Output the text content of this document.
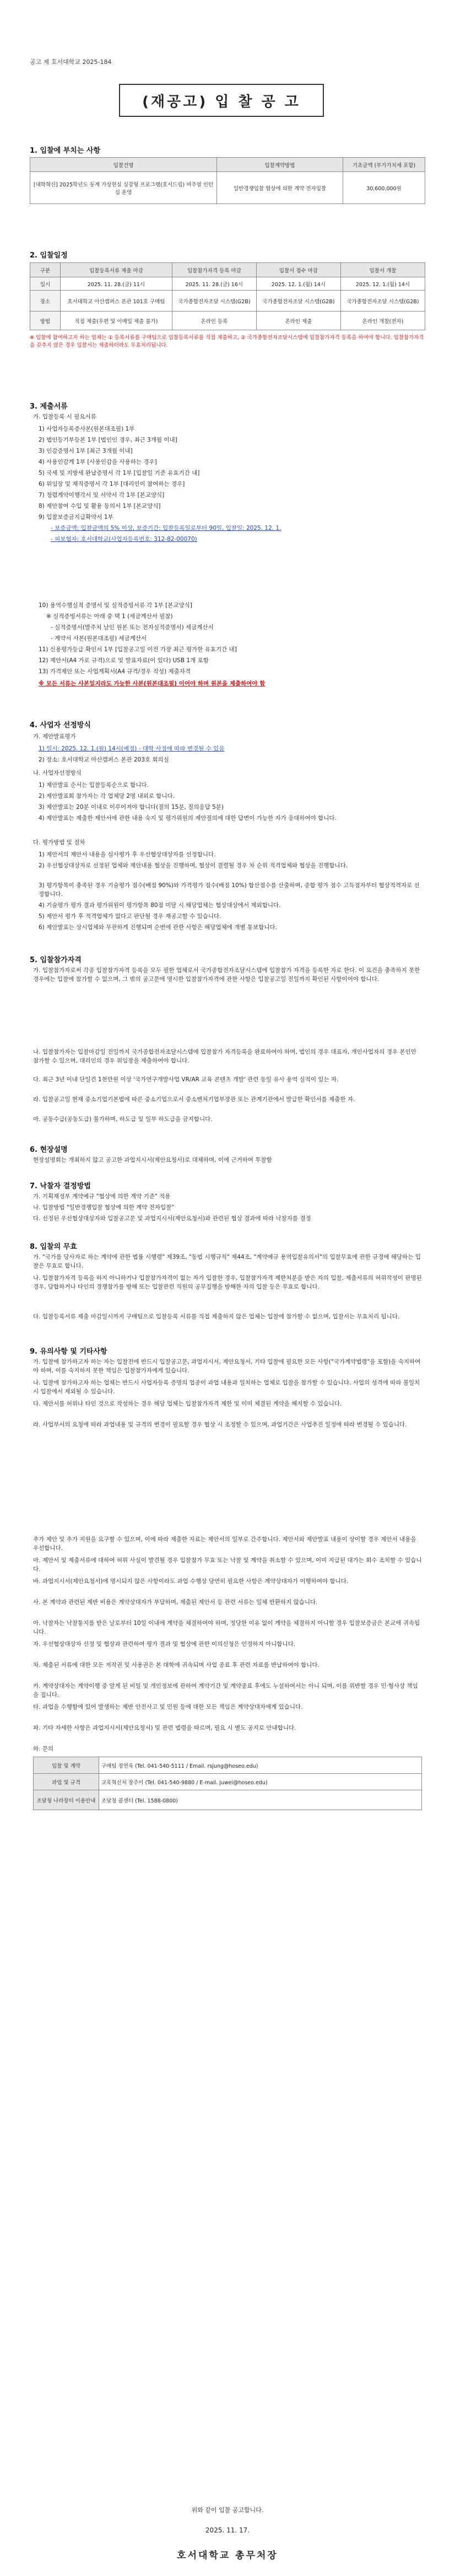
공고 제 호서대학교 2025-184
(재공고) 입 찰 공 고
1. 입찰에 부치는 사항
입찰건명	입찰계약방법	기초금액 (부가가치세 포함)
[대학혁신] 2025학년도 동계 가상현실 실감형 프로그램(호서드림) 비주얼 인턴십 운영	일반경쟁입찰 협상에 의한 계약 전자입찰	30,600,000원
2. 입찰일정
구분	입찰등록서류 제출 마감	입찰참가자격 등록 마감	입찰서 접수 마감	입찰서 개찰
일시	2025. 11. 28.(금) 11시	2025. 11. 28.(금) 16시	2025. 12. 1.(월) 14시	2025. 12. 1.(월) 14시
장소	호서대학교 아산캠퍼스 본관 101호 구매팀	국가종합전자조달 시스템(G2B)	국가종합전자조달 시스템(G2B)	국가종합전자조달 시스템(G2B)
방법	직접 제출(우편 및 이메일 제출 불가)	온라인 등록	온라인 제출	온라인 개찰(전자)
※ 입찰에 참여하고자 하는 업체는 ① 등록서류를 구매팀으로 입찰등록서류를 직접 제출하고, ② 국가종합전자조달시스템에 입찰참가자격 등록을 하여야 합니다. 입찰참가자격을 갖추지 않은 경우 입찰서는 제출하더라도 무효처리됩니다.
3. 제출서류
가. 입찰등록 시 필요서류
1) 사업자등록증사본(원본대조필) 1부
2) 법인등기부등본 1부 [법인인 경우, 최근 3개월 이내]
3) 인감증명서 1부 [최근 3개월 이내]
4) 사용인감계 1부 [사용인감을 사용하는 경우]
5) 국세 및 지방세 완납증명서 각 1부 [입찰일 기준 유효기간 내]
6) 위임장 및 재직증명서 각 1부 [대리인이 참여하는 경우]
7) 청렴계약이행각서 및 서약서 각 1부 [본교양식]
8) 제안참여 수입 및 활용 동의서 1부 [본교양식]
9) 입찰보증금지급확약서 1부
- 보증금액: 입찰금액의 5% 이상, 보증기간: 입찰등록일로부터 90일, 입찰일: 2025. 12. 1.
- 피보험자: 호서대학교(사업자등록번호: 312-82-00070)
10) 용역수행실적 증명서 및 실적증빙서류 각 1부 [본교양식]
※ 실적증빙서류는 아래 중 택 1 (세금계산서 필참)
- 실적증명서(발주처 날인 원본 또는 전자실적증명서) 세금계산서
- 계약서 사본(원본대조필) 세금계산서
11) 신용평가등급 확인서 1부 [입찰공고일 이전 가장 최근 평가한 유효기간 내]
12) 제안서(A4 가로 규격)으로 및 발표자료(이 있다) USB 1개 포함
13) 가격제안 또는 사업계획서(A4 규격/경우 작성) 제출자격
※ 모든 서류는 사본일지라도 가능한 사본(원본대조필) 이어야 하며 원본을 제출하여야 함
4. 사업자 선정방식
가. 제안발표평가
1) 일시: 2025. 12. 1.(월) 14시(예정) - 대학 사정에 따라 변경될 수 있음
2) 장소: 호서대학교 아산캠퍼스 본관 203호 회의실
나. 사업자선정방식
1) 제안발표 순서는 입찰등록순으로 합니다.
2) 제안발표회 참가자는 각 업체당 2명 내외로 합니다.
3) 제안발표는 20분 이내로 이루어져야 합니다(질의 15분, 질의응답 5분)
4) 제안발표는 제출한 제안서에 관한 내용 숙지 및 평가위원의 제안질의에 대한 답변이 가능한 자가 응대하여야 합니다.
다. 평가방법 및 절차
1) 제안서의 제안서 내용을 심사평가 후 우선협상대상자를 선정합니다.
2) 우선협상대상자로 선정된 업체와 제안내용 협상을 진행하며, 협상이 결렬될 경우 차 순위 적격업체와 협상을 진행합니다.
3) 평가항목이 충족된 경우 기술평가 점수(배점 90%)와 가격평가 점수(배점 10%) 합산점수를 산출하며, 종합 평가 점수 고득점자부터 협상적격자로 선정합니다.
4) 기술평가 평가 결과 평가위원이 평가항목 80점 미달 시 해당업체는 협상대상에서 제외합니다.
5) 제안서 평가 후 적격업체가 없다고 판단될 경우 재공고할 수 있습니다.
6) 제안발표는 상시업체와 무관하게 진행되며 순번에 관한 사항은 해당업체에 개별 통보합니다.
5. 입찰참가자격
가. 입찰참가자로써 각종 입찰참가자격 등록을 모두 필한 업체로서 국가종합전자조달시스템에 입찰참가 자격을 등록한 자로 한다. 이 요건을 충족하지 못한 경우에는 입찰에 참가할 수 없으며, 그 밖의 공고문에 명시한 입찰참가자격에 관한 사항은 입찰공고일 전일까지 확인된 사항이어야 합니다.
나. 입찰참가자는 입찰마감일 전일까지 국가종합전자조달시스템에 입찰참가 자격등록을 완료하여야 하며, 법인의 경우 대표자, 개인사업자의 경우 본인만 참가할 수 있으며, 대리인의 경우 위임장을 제출하여야 합니다.
다. 최근 3년 이내 단일건 1천만원 이상 '국가연구개발사업 VR/AR 교육 콘텐츠 개발' 관련 동일 유사 용역 실적이 있는 자.
라. 입찰공고일 현재 중소기업기본법에 따른 중소기업으로서 중소벤처기업부장관 또는 관계기관에서 발급한 확인서를 제출한 자.
마. 공동수급(공동도급) 불가하며, 하도급 및 일부 하도급을 금지합니다.
6. 현장설명
현장설명회는 개최하지 않고 공고한 과업지시서(제안요청서)로 대체하며, 이에 근거하여 투찰함
7. 낙찰자 결정방법
가. 기획재정부 계약예규 "협상에 의한 계약 기준" 적용
나. 입찰방법 "일반경쟁입찰 협상에 의한 계약 전자입찰"
다. 선정된 우선협상대상자와 입찰공고문 및 과업지시서(제안요청서)와 관련된 협상 결과에 따라 낙찰자를 결정
8. 입찰의 무효
가. "국가를 당사자로 하는 계약에 관한 법률 시행령" 제39조, "동법 시행규칙" 제44조, "계약예규 용역입찰유의서"의 입찰무효에 관한 규정에 해당하는 입찰은 무효로 합니다.
나. 입찰참가자격 등록을 하지 아니하거나 입찰참가자격이 없는 자가 입찰한 경우, 입찰참가자격 제한처분을 받은 자의 입찰, 제출서류의 허위작성이 판명된 경우, 담합하거나 타인의 경쟁참가를 방해 또는 입찰관련 직원의 공무집행을 방해한 자의 입찰 등은 무효로 합니다.
다. 입찰등록서류 제출 마감일시까지 구매팀으로 입찰등록 서류를 직접 제출하지 않은 업체는 입찰에 참가할 수 없으며, 입찰서는 무효처리 됩니다.
9. 유의사항 및 기타사항
가. 입찰에 참가하고자 하는 자는 입찰전에 반드시 입찰공고문, 과업지시서, 제안요청서, 기타 입찰에 필요한 모든 사항("국가계약법령"을 포함)을 숙지하여야 하며, 이를 숙지하지 못한 책임은 입찰참가자에게 있습니다.
나. 입찰에 참가하고자 하는 업체는 반드시 사업자등록 증명의 업종이 과업 내용과 일치하는 업체로 입찰을 참가할 수 있습니다. 사업의 성격에 따라 불일치 시 입찰에서 제외될 수 있습니다.
다. 제안서를 허위나 타인 것으로 작성하는 경우 해당 업체는 입찰참가자격 제한 및 이미 체결된 계약을 해지할 수 있습니다.
라. 사업부서의 요청에 따라 과업내용 및 규격의 변경이 필요할 경우 협상 시 조정할 수 있으며, 과업기간은 사업추진 일정에 따라 변경될 수 있습니다.
추가 제안 및 추가 지원을 요구할 수 있으며, 이에 따라 제출한 자료는 제안서의 일부로 간주합니다. 제안서와 제안발표 내용이 상이할 경우 제안서 내용을 우선합니다.
마. 제안서 및 제출서류에 대하여 허위 사실이 발견될 경우 입찰참가 무효 또는 낙찰 및 계약을 취소할 수 있으며, 이미 지급된 대가는 회수 조치할 수 있습니다.
바. 과업지시서(제안요청서)에 명시되지 않은 사항이라도 과업 수행상 당연히 필요한 사항은 계약상대자가 이행하여야 합니다.
사. 본 계약과 관련된 제반 비용은 계약상대자가 부담하며, 제출된 제안서 등 관련 서류는 일체 반환하지 않습니다.
아. 낙찰자는 낙찰통지를 받은 날로부터 10일 이내에 계약을 체결하여야 하며, 정당한 이유 없이 계약을 체결하지 아니할 경우 입찰보증금은 본교에 귀속됩니다.
자. 우선협상대상자 선정 및 협상과 관련하여 평가 결과 및 협상에 관한 이의신청은 인정하지 아니합니다.
차. 제출된 서류에 대한 모든 저작권 및 사용권은 본 대학에 귀속되며 사업 종료 후 관련 자료를 반납하여야 합니다.
카. 계약상대자는 계약이행 중 알게 된 비밀 및 개인정보에 관하여 계약기간 및 계약종료 후에도 누설하여서는 아니 되며, 이를 위반할 경우 민·형사상 책임을 집니다.
타. 과업을 수행함에 있어 발생하는 제반 안전사고 및 민원 등에 대한 모든 책임은 계약상대자에게 있습니다.
파. 기타 자세한 사항은 과업지시서(제안요청서) 및 관련 법령을 따르며, 필요 시 별도 공지로 안내합니다.
하. 문의
입찰 및 계약	구매팀 정연욱 (Tel. 041-540-5111 / Email. rsjung@hoseo.edu)
과업 및 규격	교육혁신처 장주이 (Tel. 041-540-9880 / E-mail. juwei@hoseo.edu)
조달청 나라장터 이용안내	조달청 콜센터 (Tel. 1588-0800)
위와 같이 입찰 공고합니다.
2025. 11. 17.
호서대학교 총무처장
